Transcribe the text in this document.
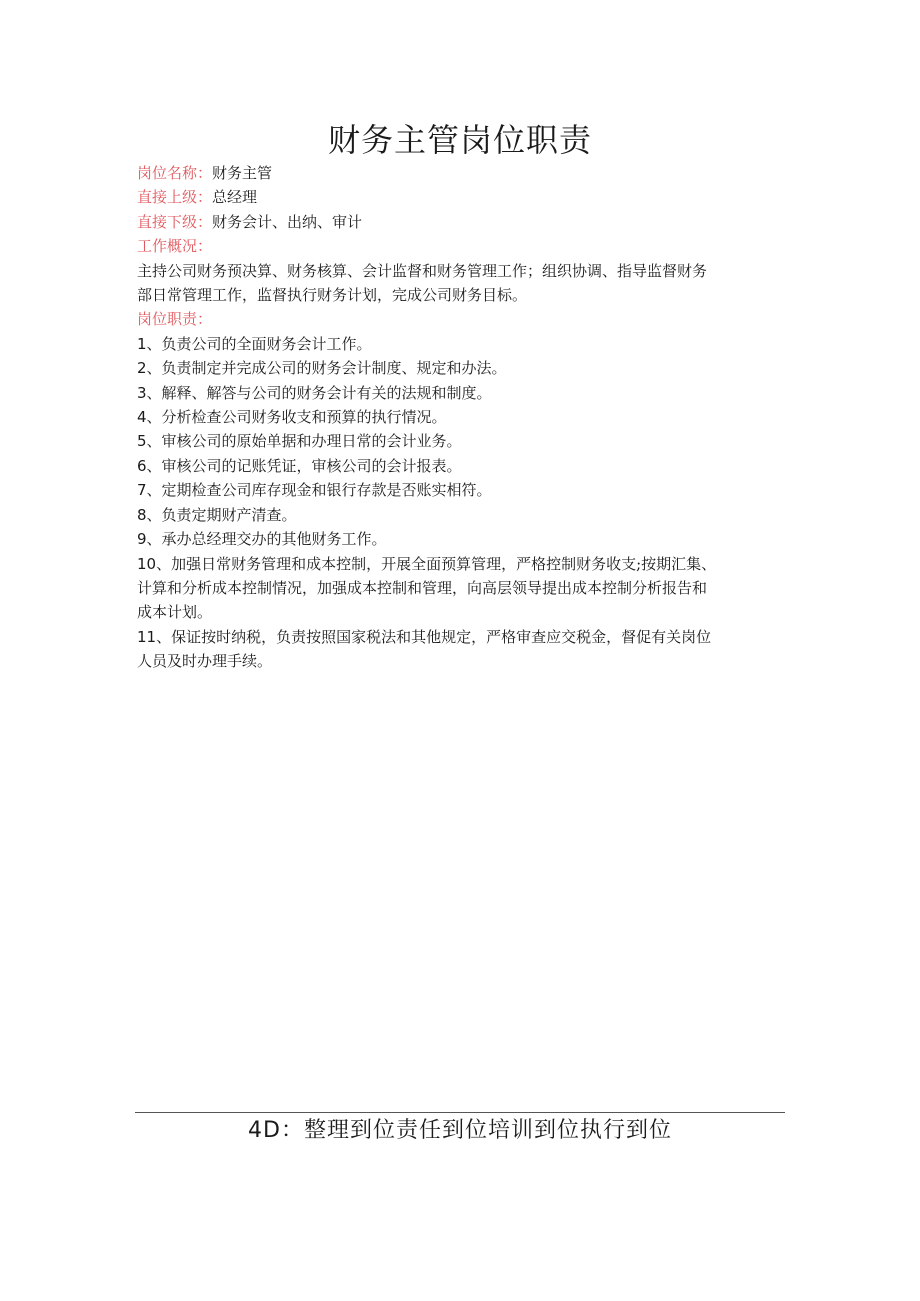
财务主管岗位职责
岗位名称：财务主管
直接上级：总经理
直接下级：财务会计、出纳、审计
工作概况：
主持公司财务预决算、财务核算、会计监督和财务管理工作；组织协调、指导监督财务
部日常管理工作，监督执行财务计划，完成公司财务目标。
岗位职责：
1、负责公司的全面财务会计工作。
2、负责制定并完成公司的财务会计制度、规定和办法。
3、解释、解答与公司的财务会计有关的法规和制度。
4、分析检查公司财务收支和预算的执行情况。
5、审核公司的原始单据和办理日常的会计业务。
6、审核公司的记账凭证，审核公司的会计报表。
7、定期检查公司库存现金和银行存款是否账实相符。
8、负责定期财产清查。
9、承办总经理交办的其他财务工作。
10、加强日常财务管理和成本控制，开展全面预算管理，严格控制财务收支;按期汇集、
计算和分析成本控制情况，加强成本控制和管理，向高层领导提出成本控制分析报告和
成本计划。
11、保证按时纳税，负责按照国家税法和其他规定，严格审查应交税金，督促有关岗位
人员及时办理手续。
4D：整理到位责任到位培训到位执行到位
